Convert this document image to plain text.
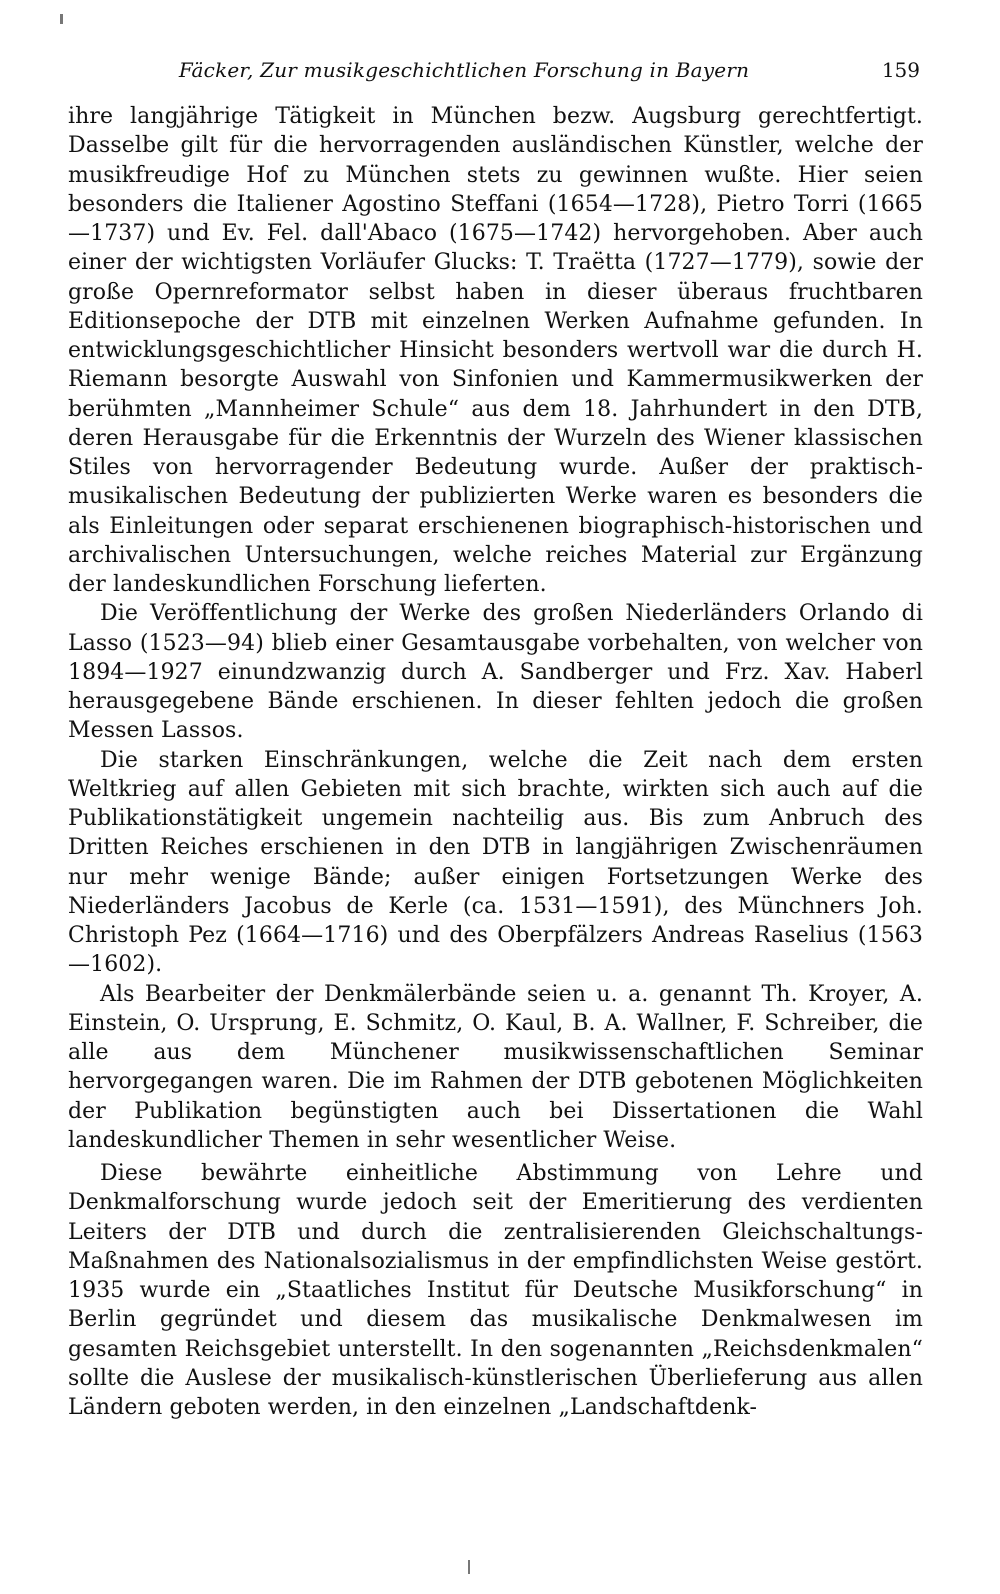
Fäcker, Zur musikgeschichtlichen Forschung in Bayern	159

ihre langjährige Tätigkeit in München bezw. Augsburg gerechtfertigt. Dasselbe gilt für die hervorragenden ausländischen Künstler, welche der musikfreudige Hof zu München stets zu gewinnen wußte. Hier seien besonders die Italiener Agostino Steffani (1654—1728), Pietro Torri (1665—1737) und Ev. Fel. dall'Abaco (1675—1742) hervorgehoben. Aber auch einer der wichtigsten Vorläufer Glucks: T. Traëtta (1727—1779), sowie der große Opernreformator selbst haben in dieser überaus fruchtbaren Editionsepoche der DTB mit einzelnen Werken Aufnahme gefunden. In entwicklungsgeschichtlicher Hinsicht besonders wertvoll war die durch H. Riemann besorgte Auswahl von Sinfonien und Kammermusikwerken der berühmten „Mannheimer Schule“ aus dem 18. Jahrhundert in den DTB, deren Herausgabe für die Erkenntnis der Wurzeln des Wiener klassischen Stiles von hervorragender Bedeutung wurde. Außer der praktisch-musikalischen Bedeutung der publizierten Werke waren es besonders die als Einleitungen oder separat erschienenen biographisch-historischen und archivalischen Untersuchungen, welche reiches Material zur Ergänzung der landeskundlichen Forschung lieferten.

Die Veröffentlichung der Werke des großen Niederländers Orlando di Lasso (1523—94) blieb einer Gesamtausgabe vorbehalten, von welcher von 1894—1927 einundzwanzig durch A. Sandberger und Frz. Xav. Haberl herausgegebene Bände erschienen. In dieser fehlten jedoch die großen Messen Lassos.

Die starken Einschränkungen, welche die Zeit nach dem ersten Weltkrieg auf allen Gebieten mit sich brachte, wirkten sich auch auf die Publikationstätigkeit ungemein nachteilig aus. Bis zum Anbruch des Dritten Reiches erschienen in den DTB in langjährigen Zwischenräumen nur mehr wenige Bände; außer einigen Fortsetzungen Werke des Niederländers Jacobus de Kerle (ca. 1531—1591), des Münchners Joh. Christoph Pez (1664—1716) und des Oberpfälzers Andreas Raselius (1563—1602).

Als Bearbeiter der Denkmälerbände seien u. a. genannt Th. Kroyer, A. Einstein, O. Ursprung, E. Schmitz, O. Kaul, B. A. Wallner, F. Schreiber, die alle aus dem Münchener musikwissenschaftlichen Seminar hervorgegangen waren. Die im Rahmen der DTB gebotenen Möglichkeiten der Publikation begünstigten auch bei Dissertationen die Wahl landeskundlicher Themen in sehr wesentlicher Weise.

Diese bewährte einheitliche Abstimmung von Lehre und Denkmalforschung wurde jedoch seit der Emeritierung des verdienten Leiters der DTB und durch die zentralisierenden Gleichschaltungs-Maßnahmen des Nationalsozialismus in der empfindlichsten Weise gestört. 1935 wurde ein „Staatliches Institut für Deutsche Musikforschung“ in Berlin gegründet und diesem das musikalische Denkmalwesen im gesamten Reichsgebiet unterstellt. In den sogenannten „Reichsdenkmalen“ sollte die Auslese der musikalisch-künstlerischen Überlieferung aus allen Ländern geboten werden, in den einzelnen „Landschaftdenk-
